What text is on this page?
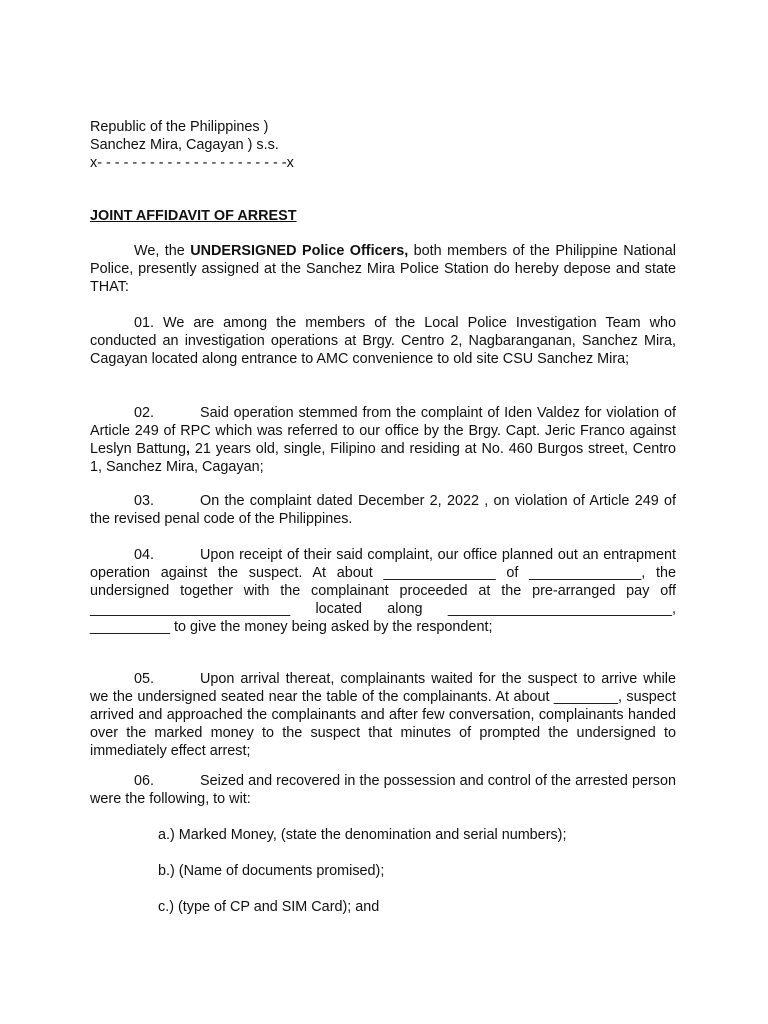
Republic of the Philippines )
Sanchez Mira, Cagayan ) s.s.
x- - - - - - - - - - - - - - - - - - - - - -x
JOINT AFFIDAVIT OF ARREST
We, the UNDERSIGNED Police Officers, both members of the Philippine National Police, presently assigned at the Sanchez Mira Police Station do hereby depose and state THAT:
01. We are among the members of the Local Police Investigation Team who conducted an investigation operations at Brgy. Centro 2, Nagbaranganan, Sanchez Mira, Cagayan located along entrance to AMC convenience to old site CSU Sanchez Mira;
02.	Said operation stemmed from the complaint of Iden Valdez for violation of Article 249 of RPC which was referred to our office by the Brgy. Capt. Jeric Franco against Leslyn Battung, 21 years old, single, Filipino and residing at No. 460 Burgos street, Centro 1, Sanchez Mira, Cagayan;
03.	On the complaint dated December 2, 2022 , on violation of Article 249 of the revised penal code of the Philippines.
04.	Upon receipt of their said complaint, our office planned out an entrapment operation against the suspect. At about ______________ of ______________, the undersigned together with the complainant proceeded at the pre-arranged pay off _________________________ located along ____________________________, __________ to give the money being asked by the respondent;
05.	Upon arrival thereat, complainants waited for the suspect to arrive while we the undersigned seated near the table of the complainants. At about ________, suspect arrived and approached the complainants and after few conversation, complainants handed over the marked money to the suspect that minutes of prompted the undersigned to immediately effect arrest;
06.	Seized and recovered in the possession and control of the arrested person were the following, to wit:
a.) Marked Money, (state the denomination and serial numbers);
b.) (Name of documents promised);
c.) (type of CP and SIM Card); and
